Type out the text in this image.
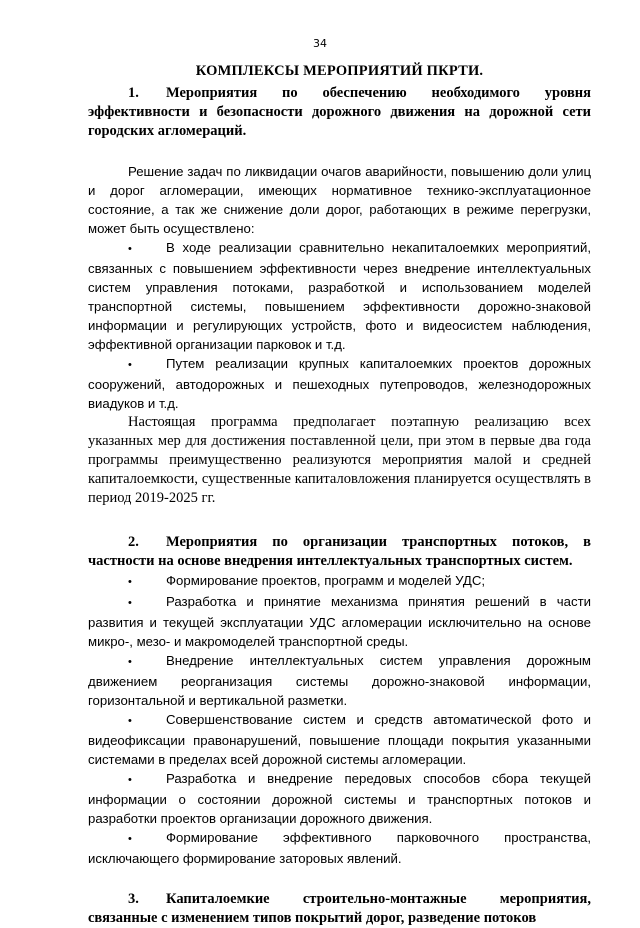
34

КОМПЛЕКСЫ МЕРОПРИЯТИЙ ПКРТИ.

1. Мероприятия по обеспечению необходимого уровня эффективности и безопасности дорожного движения на дорожной сети городских агломераций.

Решение задач по ликвидации очагов аварийности, повышению доли улиц и дорог агломерации, имеющих нормативное технико-эксплуатационное состояние, а так же снижение доли дорог, работающих в режиме перегрузки, может быть осуществлено:

•	В ходе реализации сравнительно некапиталоемких мероприятий, связанных с повышением эффективности через внедрение интеллектуальных систем управления потоками, разработкой и использованием моделей транспортной системы, повышением эффективности дорожно-знаковой информации и регулирующих устройств, фото и видеосистем наблюдения, эффективной организации парковок и т.д.
•	Путем реализации крупных капиталоемких проектов дорожных сооружений, автодорожных и пешеходных путепроводов, железнодорожных виадуков и т.д.

Настоящая программа предполагает поэтапную реализацию всех указанных мер для достижения поставленной цели, при этом в первые два года программы преимущественно реализуются мероприятия малой и средней капиталоемкости, существенные капиталовложения планируется осуществлять в период 2019-2025 гг.

2. Мероприятия по организации транспортных потоков, в частности на основе внедрения интеллектуальных транспортных систем.

•	Формирование проектов, программ и моделей УДС;
•	Разработка и принятие механизма принятия решений в части развития и текущей эксплуатации УДС агломерации исключительно на основе микро-, мезо- и макромоделей транспортной среды.
•	Внедрение интеллектуальных систем управления дорожным движением реорганизация системы дорожно-знаковой информации, горизонтальной и вертикальной разметки.
•	Совершенствование систем и средств автоматической фото и видеофиксации правонарушений, повышение площади покрытия указанными системами в пределах всей дорожной системы агломерации.
•	Разработка и внедрение передовых способов сбора текущей информации о состоянии дорожной системы и транспортных потоков и разработки проектов организации дорожного движения.
•	Формирование эффективного парковочного пространства, исключающего формирование заторовых явлений.

3. Капиталоемкие строительно-монтажные мероприятия, связанные с изменением типов покрытий дорог, разведение потоков
